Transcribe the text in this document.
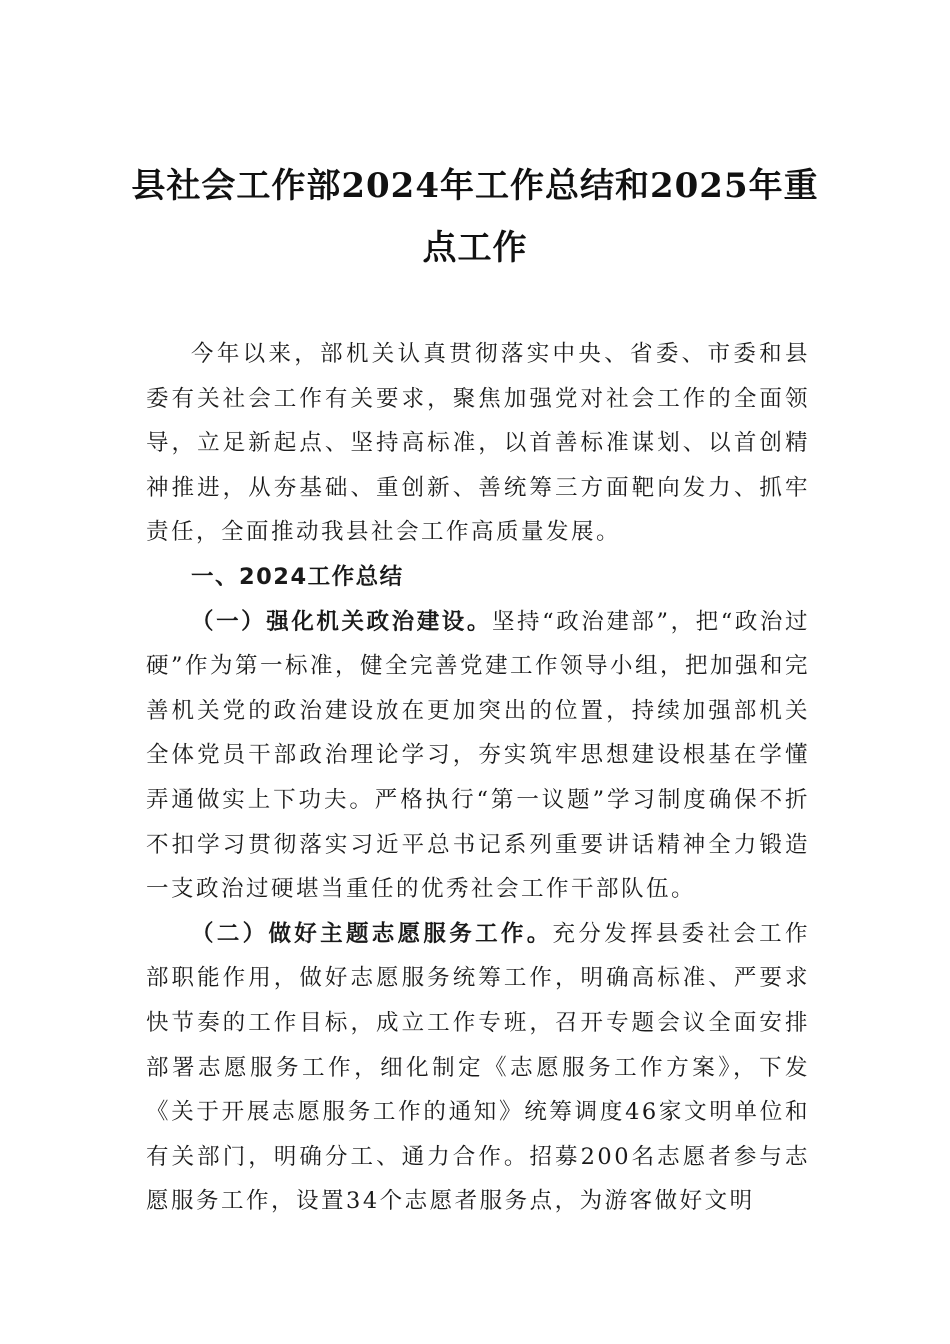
县社会工作部2024年工作总结和2025年重点工作

今年以来，部机关认真贯彻落实中央、省委、市委和县委有关社会工作有关要求，聚焦加强党对社会工作的全面领导，立足新起点、坚持高标准，以首善标准谋划、以首创精神推进，从夯基础、重创新、善统筹三方面靶向发力、抓牢责任，全面推动我县社会工作高质量发展。

一、2024工作总结

（一）强化机关政治建设。坚持“政治建部”，把“政治过硬”作为第一标准，健全完善党建工作领导小组，把加强和完善机关党的政治建设放在更加突出的位置，持续加强部机关全体党员干部政治理论学习，夯实筑牢思想建设根基在学懂弄通做实上下功夫。严格执行“第一议题”学习制度确保不折不扣学习贯彻落实习近平总书记系列重要讲话精神全力锻造一支政治过硬堪当重任的优秀社会工作干部队伍。

（二）做好主题志愿服务工作。充分发挥县委社会工作部职能作用，做好志愿服务统筹工作，明确高标准、严要求快节奏的工作目标，成立工作专班，召开专题会议全面安排部署志愿服务工作，细化制定《志愿服务工作方案》，下发《关于开展志愿服务工作的通知》统筹调度46家文明单位和有关部门，明确分工、通力合作。招募200名志愿者参与志愿服务工作，设置34个志愿者服务点，为游客做好文明
